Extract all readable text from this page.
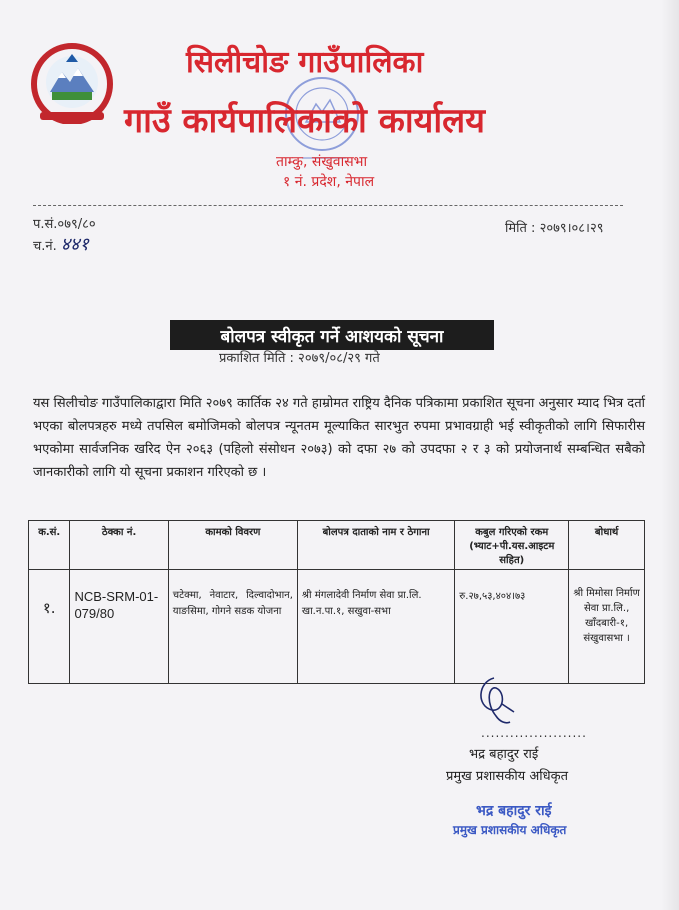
सिलीचोङ गाउँपालिका
गाउँ कार्यपालिकाको कार्यालय
ताम्कु, संखुवासभा
१ नं. प्रदेश, नेपाल
प.सं.०७९/८०
च.नं. ४४१
मिति : २०७९।०८।२९
बोलपत्र स्वीकृत गर्ने आशयको सूचना
प्रकाशित मिति : २०७९/०८/२९ गते
यस सिलीचोङ गाउँपालिकाद्वारा मिति २०७९ कार्तिक २४ गते हाम्रोमत राष्ट्रिय दैनिक पत्रिकामा प्रकाशित सूचना अनुसार म्याद भित्र दर्ता भएका बोलपत्रहरु मध्ये तपसिल बमोजिमको बोलपत्र न्यूनतम मूल्याकित सारभुत रुपमा प्रभावग्राही भई स्वीकृतीको लागि सिफारीस भएकोमा सार्वजनिक खरिद ऐन २०६३ (पहिलो संसोधन २०७३) को दफा २७ को उपदफा २ र ३ को प्रयोजनार्थ सम्बन्धित सबैको जानकारीको लागि यो सूचना प्रकाशन गरिएको छ ।
क.सं.	ठेक्का नं.	कामको विवरण	बोलपत्र दाताको नाम र ठेगाना	कबुल गरिएको रकम (भ्याट+पी.यस.आइटम सहित)	बोधार्थ
१.	NCB-SRM-01-079/80	चटेक्मा, नेवाटार, दिल्वादोभान, याङसिमा, गोगने सडक योजना	श्री मंगलादेवी निर्माण सेवा प्रा.लि. खा.न.पा.१, सखुवा-सभा	रु.२७,५३,४०४।७३	श्री मिमोसा निर्माण सेवा प्रा.लि., खाँदबारी-१, संखुवासभा ।
......................
भद्र बहादुर राई
प्रमुख प्रशासकीय अधिकृत
भद्र बहादुर राई
प्रमुख प्रशासकीय अधिकृत
